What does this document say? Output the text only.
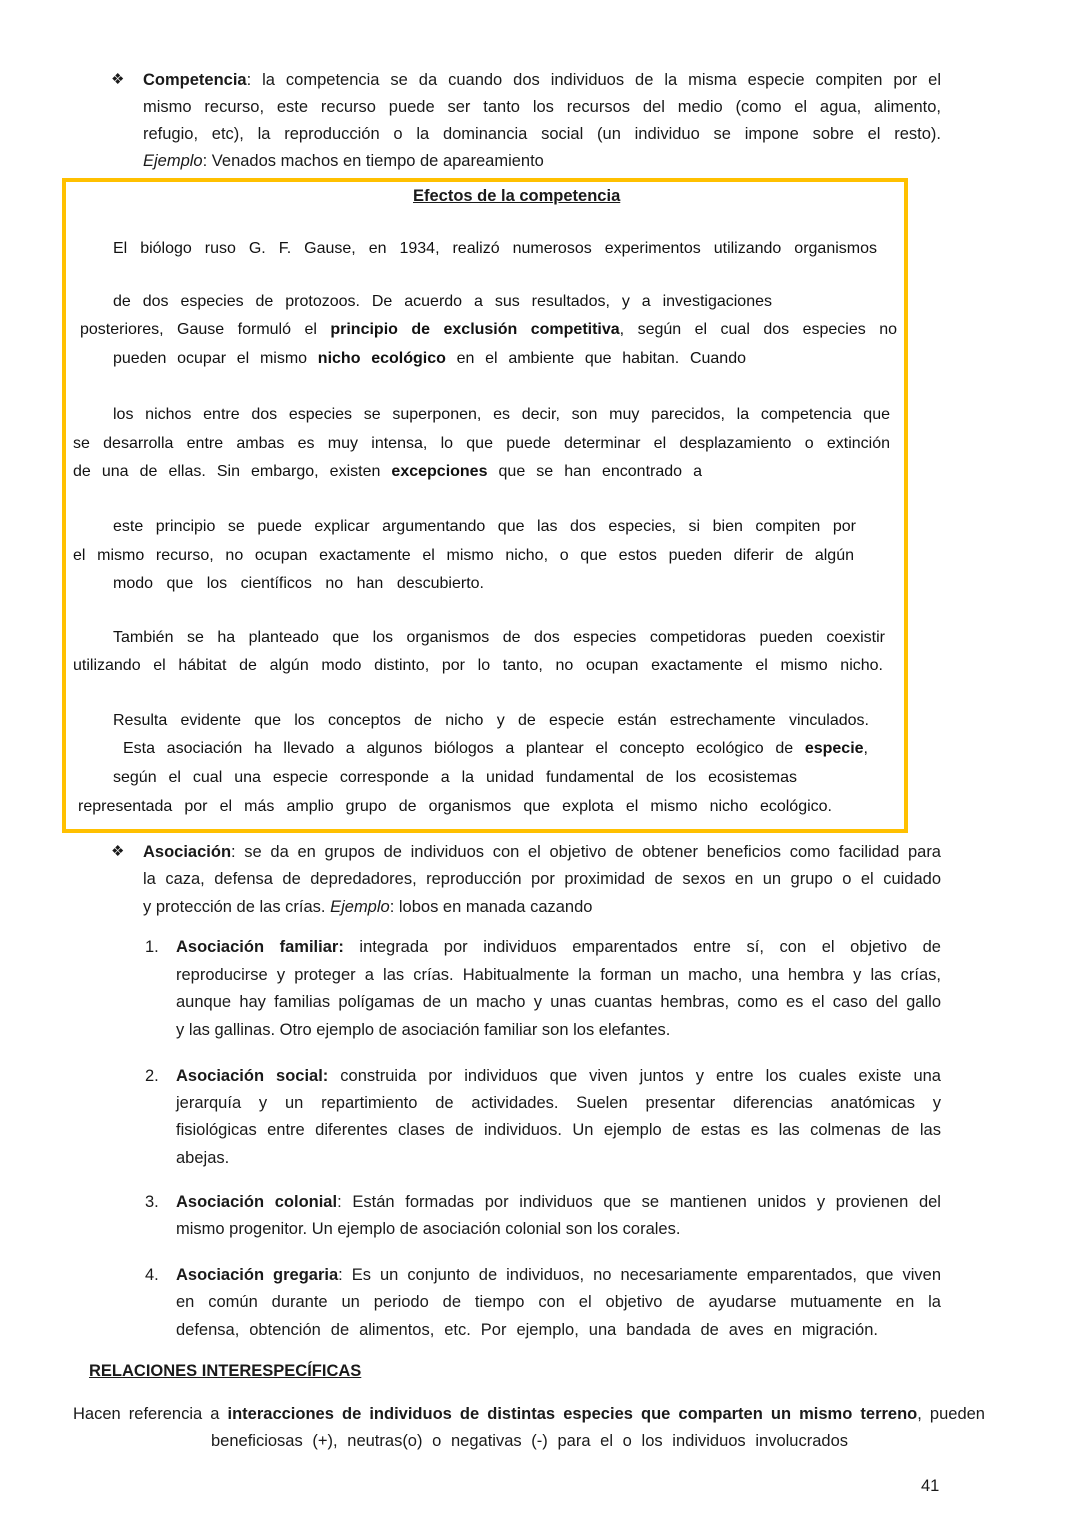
❖ Competencia: la competencia se da cuando dos individuos de la misma especie compiten por el
mismo recurso, este recurso puede ser tanto los recursos del medio (como el agua, alimento,
refugio, etc), la reproducción o la dominancia social (un individuo se impone sobre el resto).
Ejemplo: Venados machos en tiempo de apareamiento
Efectos de la competencia
El biólogo ruso G. F. Gause, en 1934, realizó numerosos experimentos utilizando organismos
de dos especies de protozoos. De acuerdo a sus resultados, y a investigaciones
posteriores, Gause formuló el principio de exclusión competitiva, según el cual dos especies no
pueden ocupar el mismo nicho ecológico en el ambiente que habitan. Cuando
los nichos entre dos especies se superponen, es decir, son muy parecidos, la competencia que
se desarrolla entre ambas es muy intensa, lo que puede determinar el desplazamiento o extinción
de una de ellas. Sin embargo, existen excepciones que se han encontrado a
este principio se puede explicar argumentando que las dos especies, si bien compiten por
el mismo recurso, no ocupan exactamente el mismo nicho, o que estos pueden diferir de algún
modo que los científicos no han descubierto.
También se ha planteado que los organismos de dos especies competidoras pueden coexistir
utilizando el hábitat de algún modo distinto, por lo tanto, no ocupan exactamente el mismo nicho.
Resulta evidente que los conceptos de nicho y de especie están estrechamente vinculados.
Esta asociación ha llevado a algunos biólogos a plantear el concepto ecológico de especie,
según el cual una especie corresponde a la unidad fundamental de los ecosistemas
representada por el más amplio grupo de organismos que explota el mismo nicho ecológico.
❖ Asociación: se da en grupos de individuos con el objetivo de obtener beneficios como facilidad para
la caza, defensa de depredadores, reproducción por proximidad de sexos en un grupo o el cuidado
y protección de las crías. Ejemplo: lobos en manada cazando
1. Asociación familiar: integrada por individuos emparentados entre sí, con el objetivo de
reproducirse y proteger a las crías. Habitualmente la forman un macho, una hembra y las crías,
aunque hay familias polígamas de un macho y unas cuantas hembras, como es el caso del gallo
y las gallinas. Otro ejemplo de asociación familiar son los elefantes.
2. Asociación social: construida por individuos que viven juntos y entre los cuales existe una
jerarquía y un repartimiento de actividades. Suelen presentar diferencias anatómicas y
fisiológicas entre diferentes clases de individuos. Un ejemplo de estas es las colmenas de las
abejas.
3. Asociación colonial: Están formadas por individuos que se mantienen unidos y provienen del
mismo progenitor. Un ejemplo de asociación colonial son los corales.
4. Asociación gregaria: Es un conjunto de individuos, no necesariamente emparentados, que viven
en común durante un periodo de tiempo con el objetivo de ayudarse mutuamente en la
defensa, obtención de alimentos, etc. Por ejemplo, una bandada de aves en migración.
RELACIONES INTERESPECÍFICAS
Hacen referencia a interacciones de individuos de distintas especies que comparten un mismo terreno, pueden
beneficiosas (+), neutras(o) o negativas (-) para el o los individuos involucrados
41
